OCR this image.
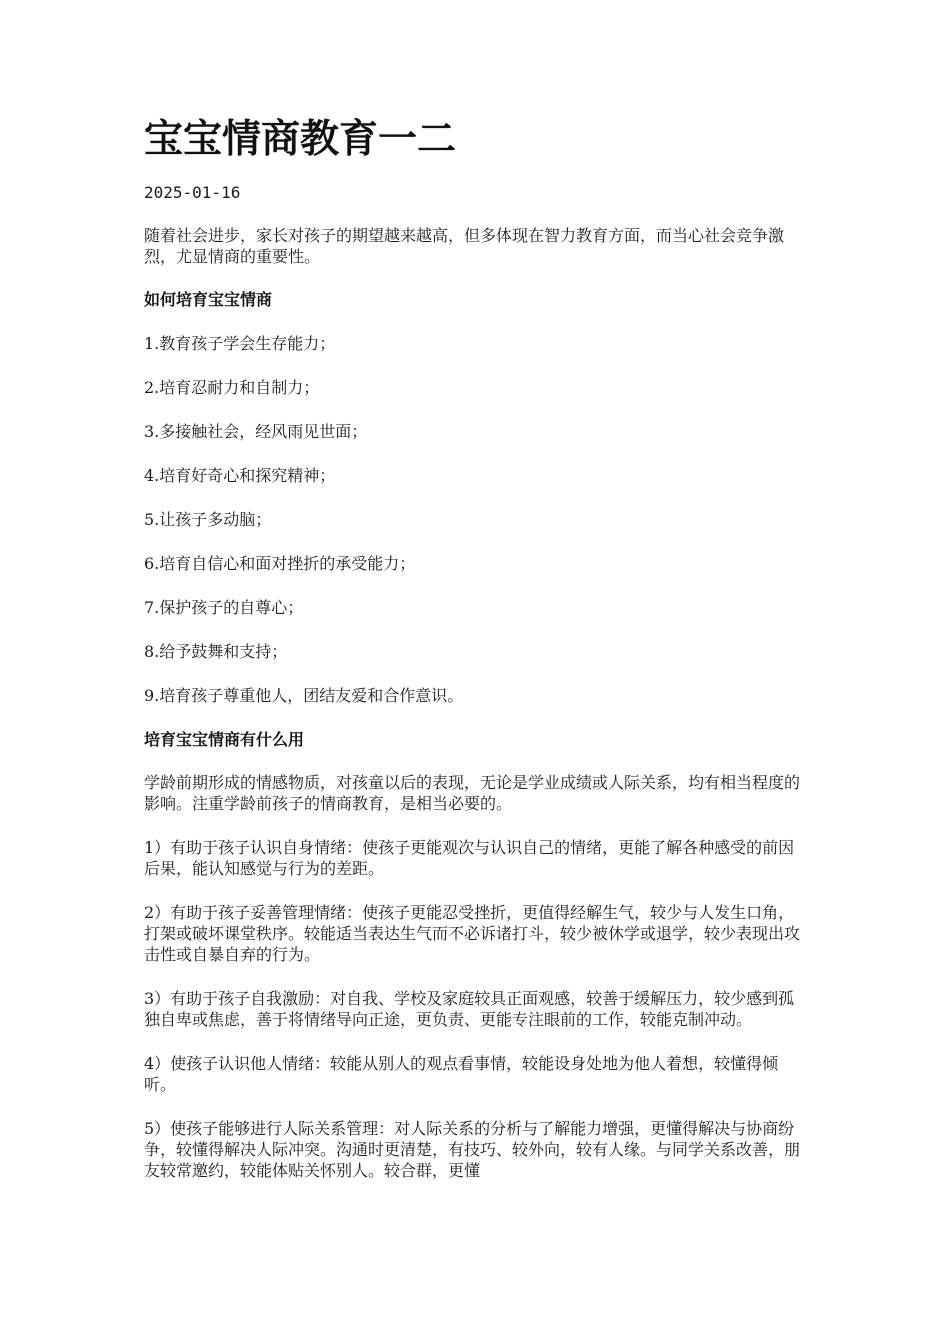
宝宝情商教育一二
2025-01-16

随着社会进步，家长对孩子的期望越来越高，但多体现在智力教育方面，而当心社会竞争激烈，尤显情商的重要性。

如何培育宝宝情商

1.教育孩子学会生存能力；

2.培育忍耐力和自制力；

3.多接触社会，经风雨见世面；

4.培育好奇心和探究精神；

5.让孩子多动脑；

6.培育自信心和面对挫折的承受能力；

7.保护孩子的自尊心；

8.给予鼓舞和支持；

9.培育孩子尊重他人，团结友爱和合作意识。

培育宝宝情商有什么用

学龄前期形成的情感物质，对孩童以后的表现，无论是学业成绩或人际关系，均有相当程度的影响。注重学龄前孩子的情商教育，是相当必要的。

1）有助于孩子认识自身情绪：使孩子更能观次与认识自己的情绪，更能了解各种感受的前因后果，能认知感觉与行为的差距。

2）有助于孩子妥善管理情绪：使孩子更能忍受挫折，更值得经解生气，较少与人发生口角，打架或破坏课堂秩序。较能适当表达生气而不必诉诸打斗，较少被休学或退学，较少表现出攻击性或自暴自弃的行为。

3）有助于孩子自我激励：对自我、学校及家庭较具正面观感，较善于缓解压力，较少感到孤独自卑或焦虑，善于将情绪导向正途，更负责、更能专注眼前的工作，较能克制冲动。

4）使孩子认识他人情绪：较能从别人的观点看事情，较能设身处地为他人着想，较懂得倾听。

5）使孩子能够进行人际关系管理：对人际关系的分析与了解能力增强，更懂得解决与协商纷争，较懂得解决人际冲突。沟通时更清楚，有技巧、较外向，较有人缘。与同学关系改善，朋友较常邀约，较能体贴关怀别人。较合群，更懂
